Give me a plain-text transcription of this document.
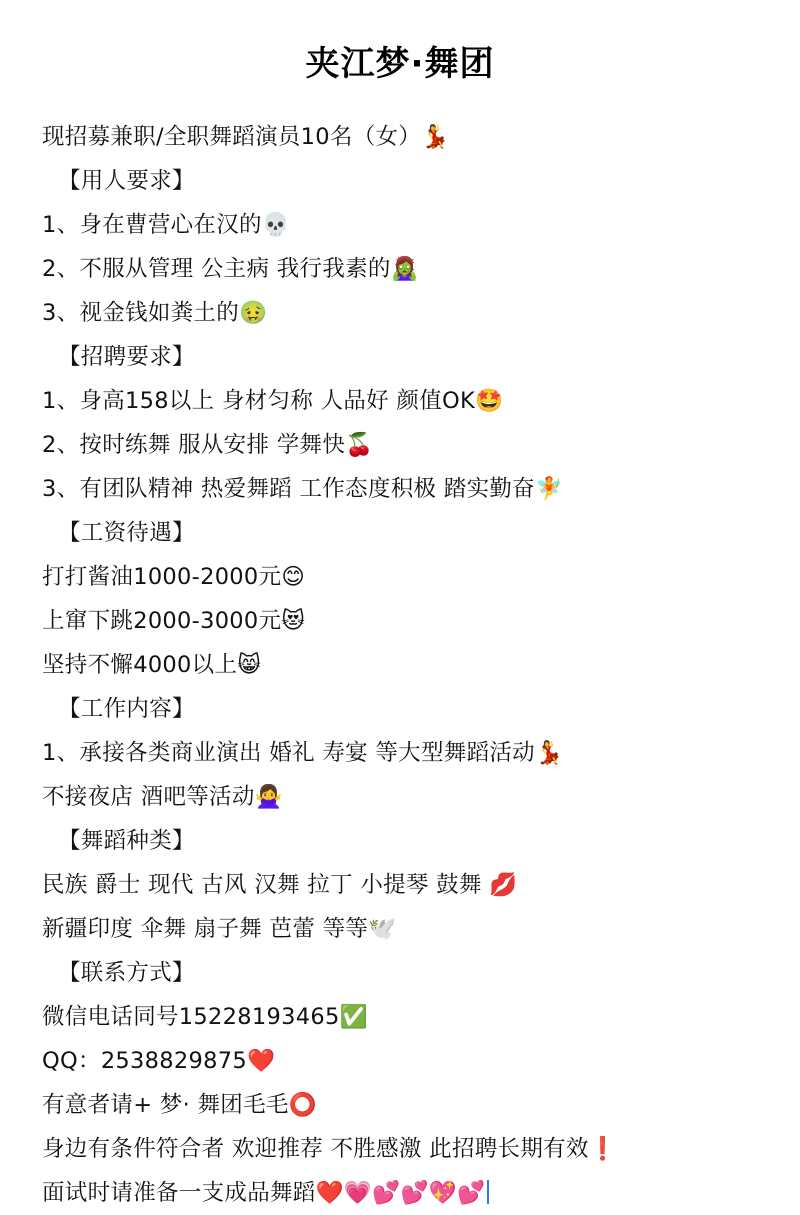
夹江梦·舞团
现招募兼职/全职舞蹈演员10名（女）💃
【用人要求】
1、身在曹营心在汉的💀
2、不服从管理 公主病 我行我素的🧟‍♀️
3、视金钱如粪土的🤢
【招聘要求】
1、身高158以上 身材匀称 人品好 颜值OK🤩
2、按时练舞 服从安排 学舞快🍒
3、有团队精神 热爱舞蹈 工作态度积极 踏实勤奋🧚
【工资待遇】
打打酱油1000-2000元😊
上窜下跳2000-3000元😻
坚持不懈4000以上😸
【工作内容】
1、承接各类商业演出 婚礼 寿宴 等大型舞蹈活动💃
不接夜店 酒吧等活动🙅‍♀️
【舞蹈种类】
民族 爵士 现代 古风 汉舞 拉丁 小提琴 鼓舞 💋
新疆印度 伞舞 扇子舞 芭蕾 等等🕊️
【联系方式】
微信电话同号15228193465✅
QQ：2538829875❤️
有意者请+ 梦· 舞团毛毛⭕
身边有条件符合者 欢迎推荐 不胜感激 此招聘长期有效❗
面试时请准备一支成品舞蹈❤️💗💕💕💖💕
